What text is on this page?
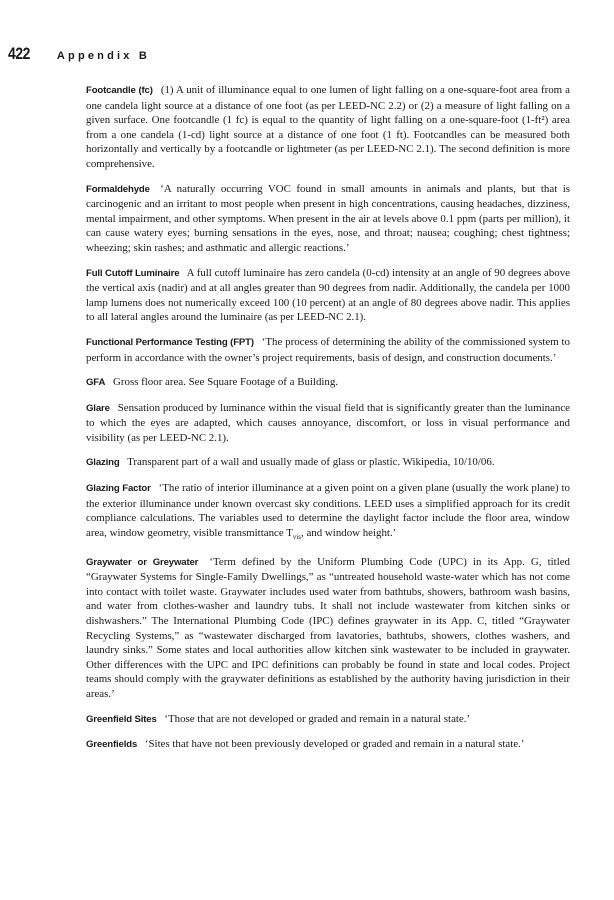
422 Appendix B

Footcandle (fc) (1) A unit of illuminance equal to one lumen of light falling on a one-square-foot area from a one candela light source at a distance of one foot (as per LEED-NC 2.2) or (2) a measure of light falling on a given surface. One footcandle (1 fc) is equal to the quantity of light falling on a one-square-foot (1-ft²) area from a one candela (1-cd) light source at a distance of one foot (1 ft). Footcandles can be measured both horizontally and vertically by a footcandle or lightmeter (as per LEED-NC 2.1). The second definition is more comprehensive.

Formaldehyde ‘A naturally occurring VOC found in small amounts in animals and plants, but that is carcinogenic and an irritant to most people when present in high concentrations, causing headaches, dizziness, mental impairment, and other symptoms. When present in the air at levels above 0.1 ppm (parts per million), it can cause watery eyes; burning sensations in the eyes, nose, and throat; nausea; coughing; chest tightness; wheezing; skin rashes; and asthmatic and allergic reactions.’

Full Cutoff Luminaire A full cutoff luminaire has zero candela (0-cd) intensity at an angle of 90 degrees above the vertical axis (nadir) and at all angles greater than 90 degrees from nadir. Additionally, the candela per 1000 lamp lumens does not numerically exceed 100 (10 percent) at an angle of 80 degrees above nadir. This applies to all lateral angles around the luminaire (as per LEED-NC 2.1).

Functional Performance Testing (FPT) ‘The process of determining the ability of the commissioned system to perform in accordance with the owner’s project requirements, basis of design, and construction documents.’

GFA Gross floor area. See Square Footage of a Building.

Glare Sensation produced by luminance within the visual field that is significantly greater than the luminance to which the eyes are adapted, which causes annoyance, discomfort, or loss in visual performance and visibility (as per LEED-NC 2.1).

Glazing Transparent part of a wall and usually made of glass or plastic. Wikipedia, 10/10/06.

Glazing Factor ‘The ratio of interior illuminance at a given point on a given plane (usually the work plane) to the exterior illuminance under known overcast sky conditions. LEED uses a simplified approach for its credit compliance calculations. The variables used to determine the daylight factor include the floor area, window area, window geometry, visible transmittance $T_{vis}$, and window height.’

Graywater or Greywater ‘Term defined by the Uniform Plumbing Code (UPC) in its App. G, titled “Graywater Systems for Single-Family Dwellings,” as “untreated household waste-water which has not come into contact with toilet waste. Graywater includes used water from bathtubs, showers, bathroom wash basins, and water from clothes-washer and laundry tubs. It shall not include wastewater from kitchen sinks or dishwashers.” The International Plumbing Code (IPC) defines graywater in its App. C, titled “Graywater Recycling Systems,” as “wastewater discharged from lavatories, bathtubs, showers, clothes washers, and laundry sinks.” Some states and local authorities allow kitchen sink wastewater to be included in graywater. Other differences with the UPC and IPC definitions can probably be found in state and local codes. Project teams should comply with the graywater definitions as established by the authority having jurisdiction in their areas.’

Greenfield Sites ‘Those that are not developed or graded and remain in a natural state.’

Greenfields ‘Sites that have not been previously developed or graded and remain in a natural state.’
